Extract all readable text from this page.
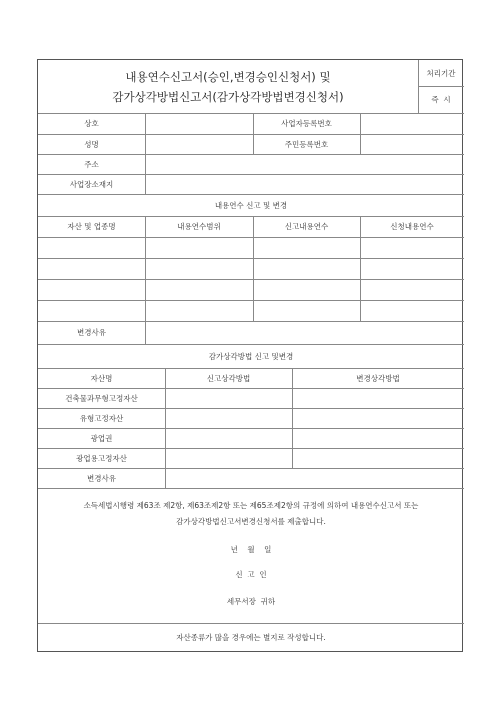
내용연수신고서(승인,변경승인신청서) 및
감가상각방법신고서(감가상각방법변경신청서)
처리기간
즉  시
상호	사업자등록번호
성명	주민등록번호
주소
사업장소재지
내용연수 신고 및 변경
자산 및 업종명	내용연수범위	신고내용연수	신청내용연수
변경사유
감가상각방법 신고 및변경
자산명	신고상각방법	변경상각방법
건축물과무형고정자산
유형고정자산
광업권
광업용고정자산
변경사유
소득세법시행령 제63조 제2항, 제63조제2항 또는 제65조제2항의 규정에 의하여 내용연수신고서 또는
감가상각방법신고서변경신청서를 제출합니다.
년    월    일
신  고  인
세무서장  귀하
자산종류가 많을 경우에는 별지로 작성합니다.
